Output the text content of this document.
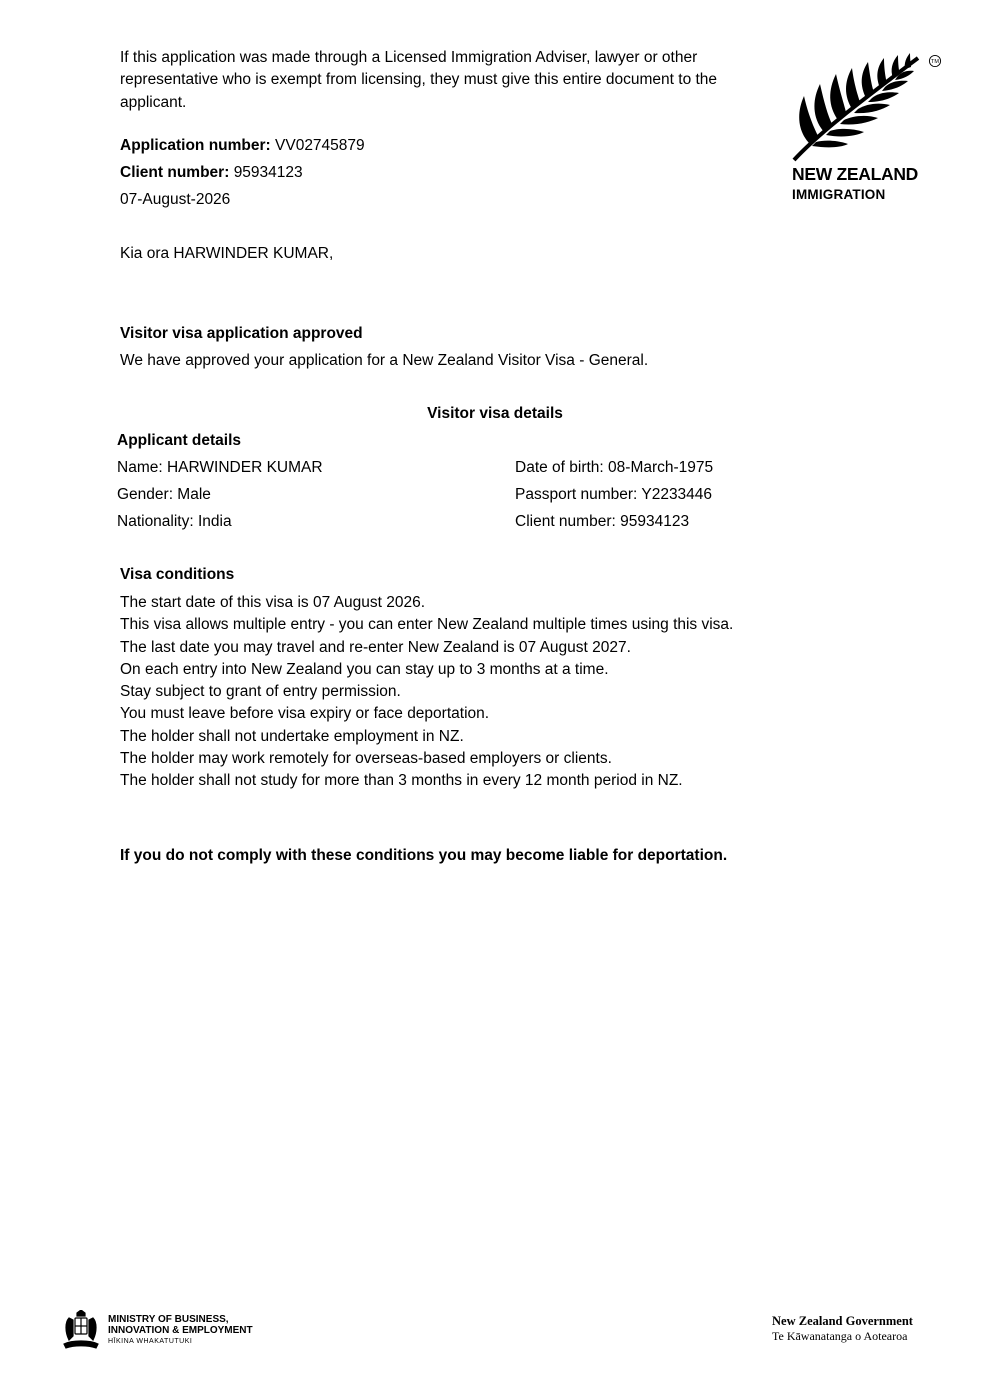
If this application was made through a Licensed Immigration Adviser, lawyer or other representative who is exempt from licensing, they must give this entire document to the applicant.
TM
NEW ZEALAND
IMMIGRATION
Application number: VV02745879
Client number: 95934123
07-August-2026
Kia ora HARWINDER KUMAR,
Visitor visa application approved
We have approved your application for a New Zealand Visitor Visa - General.
Visitor visa details
Applicant details
Name: HARWINDER KUMAR
Gender: Male
Nationality: India
Date of birth: 08-March-1975
Passport number: Y2233446
Client number: 95934123
Visa conditions
The start date of this visa is 07 August 2026.
This visa allows multiple entry - you can enter New Zealand multiple times using this visa.
The last date you may travel and re-enter New Zealand is 07 August 2027.
On each entry into New Zealand you can stay up to 3 months at a time.
Stay subject to grant of entry permission.
You must leave before visa expiry or face deportation.
The holder shall not undertake employment in NZ.
The holder may work remotely for overseas-based employers or clients.
The holder shall not study for more than 3 months in every 12 month period in NZ.
If you do not comply with these conditions you may become liable for deportation.
MINISTRY OF BUSINESS,
INNOVATION & EMPLOYMENT
HĪKINA WHAKATUTUKI
New Zealand Government
Te Kāwanatanga o Aotearoa
